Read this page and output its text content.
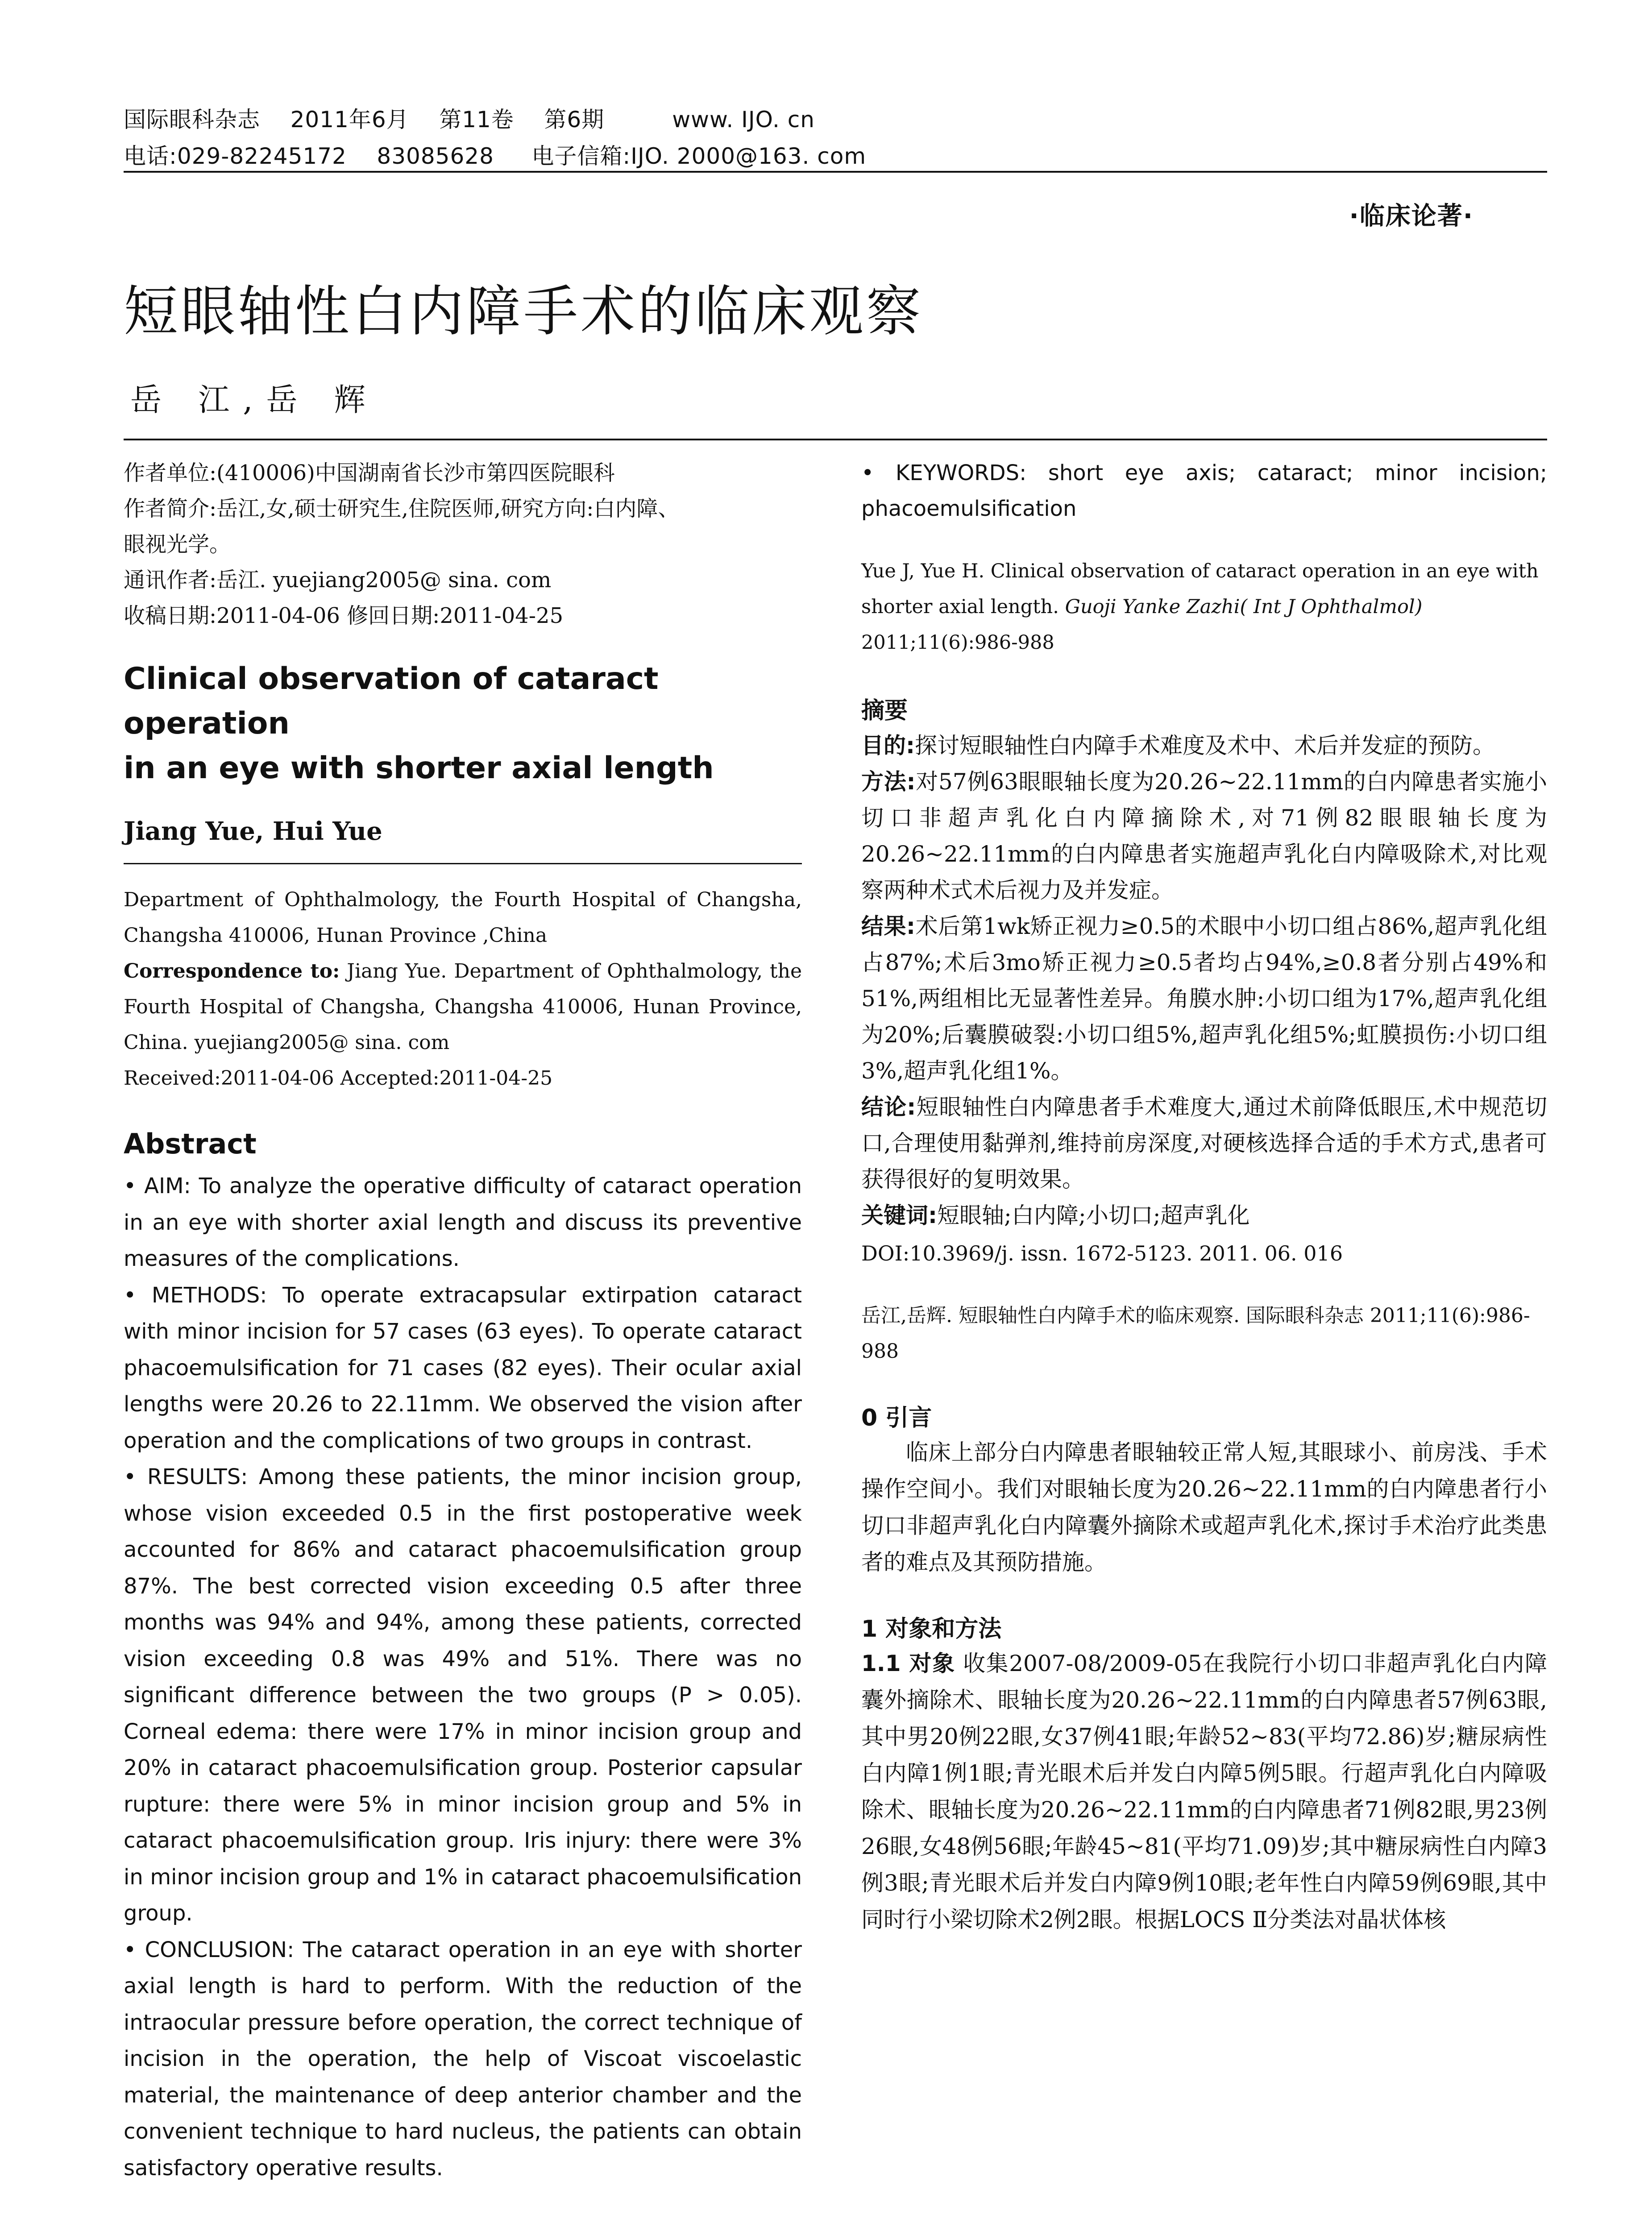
国际眼科杂志    2011年6月    第11卷    第6期         www. IJO. cn
电话:029-82245172    83085628     电子信箱:IJO. 2000@163. com
·临床论著·
短眼轴性白内障手术的临床观察
岳 江,岳 辉
作者单位:(410006)中国湖南省长沙市第四医院眼科
作者简介:岳江,女,硕士研究生,住院医师,研究方向:白内障、
眼视光学。
通讯作者:岳江. yuejiang2005@ sina. com
收稿日期:2011-04-06 修回日期:2011-04-25
Clinical observation of cataract operation
in an eye with shorter axial length
Jiang Yue, Hui Yue
Department of Ophthalmology, the Fourth Hospital of Changsha, Changsha 410006, Hunan Province ,China
Correspondence to: Jiang Yue. Department of Ophthalmology, the Fourth Hospital of Changsha, Changsha 410006, Hunan Province, China. yuejiang2005@ sina. com
Received:2011-04-06 Accepted:2011-04-25
Abstract

• AIM: To analyze the operative difficulty of cataract operation in an eye with shorter axial length and discuss its preventive measures of the complications.

• METHODS: To operate extracapsular extirpation cataract with minor incision for 57 cases (63 eyes). To operate cataract phacoemulsification for 71 cases (82 eyes). Their ocular axial lengths were 20.26 to 22.11mm. We observed the vision after operation and the complications of two groups in contrast.

• RESULTS: Among these patients, the minor incision group, whose vision exceeded 0.5 in the first postoperative week accounted for 86% and cataract phacoemulsification group 87%. The best corrected vision exceeding 0.5 after three months was 94% and 94%, among these patients, corrected vision exceeding 0.8 was 49% and 51%. There was no significant difference between the two groups (P > 0.05). Corneal edema: there were 17% in minor incision group and 20% in cataract phacoemulsification group. Posterior capsular rupture: there were 5% in minor incision group and 5% in cataract phacoemulsification group. Iris injury: there were 3% in minor incision group and 1% in cataract phacoemulsification group.

• CONCLUSION: The cataract operation in an eye with shorter axial length is hard to perform. With the reduction of the intraocular pressure before operation, the correct technique of incision in the operation, the help of Viscoat viscoelastic material, the maintenance of deep anterior chamber and the convenient technique to hard nucleus, the patients can obtain satisfactory operative results.

• KEYWORDS: short eye axis; cataract; minor incision; phacoemulsification

Yue J, Yue H. Clinical observation of cataract operation in an eye with shorter axial length. Guoji Yanke Zazhi( Int J Ophthalmol) 2011;11(6):986-988
摘要

目的:探讨短眼轴性白内障手术难度及术中、术后并发症的预防。

方法:对57例63眼眼轴长度为20.26~22.11mm的白内障患者实施小切口非超声乳化白内障摘除术,对71例82眼眼轴长度为20.26~22.11mm的白内障患者实施超声乳化白内障吸除术,对比观察两种术式术后视力及并发症。

结果:术后第1wk矫正视力≥0.5的术眼中小切口组占86%,超声乳化组占87%;术后3mo矫正视力≥0.5者均占94%,≥0.8者分别占49%和51%,两组相比无显著性差异。角膜水肿:小切口组为17%,超声乳化组为20%;后囊膜破裂:小切口组5%,超声乳化组5%;虹膜损伤:小切口组3%,超声乳化组1%。

结论:短眼轴性白内障患者手术难度大,通过术前降低眼压,术中规范切口,合理使用黏弹剂,维持前房深度,对硬核选择合适的手术方式,患者可获得很好的复明效果。

关键词:短眼轴;白内障;小切口;超声乳化

DOI:10.3969/j. issn. 1672-5123. 2011. 06. 016
岳江,岳辉. 短眼轴性白内障手术的临床观察. 国际眼科杂志 2011;11(6):986-988
0 引言

临床上部分白内障患者眼轴较正常人短,其眼球小、前房浅、手术操作空间小。我们对眼轴长度为20.26~22.11mm的白内障患者行小切口非超声乳化白内障囊外摘除术或超声乳化术,探讨手术治疗此类患者的难点及其预防措施。

1 对象和方法

1.1 对象 收集2007-08/2009-05在我院行小切口非超声乳化白内障囊外摘除术、眼轴长度为20.26~22.11mm的白内障患者57例63眼,其中男20例22眼,女37例41眼;年龄52~83(平均72.86)岁;糖尿病性白内障1例1眼;青光眼术后并发白内障5例5眼。行超声乳化白内障吸除术、眼轴长度为20.26~22.11mm的白内障患者71例82眼,男23例26眼,女48例56眼;年龄45~81(平均71.09)岁;其中糖尿病性白内障3例3眼;青光眼术后并发白内障9例10眼;老年性白内障59例69眼,其中同时行小梁切除术2例2眼。根据LOCS Ⅱ分类法对晶状体核
